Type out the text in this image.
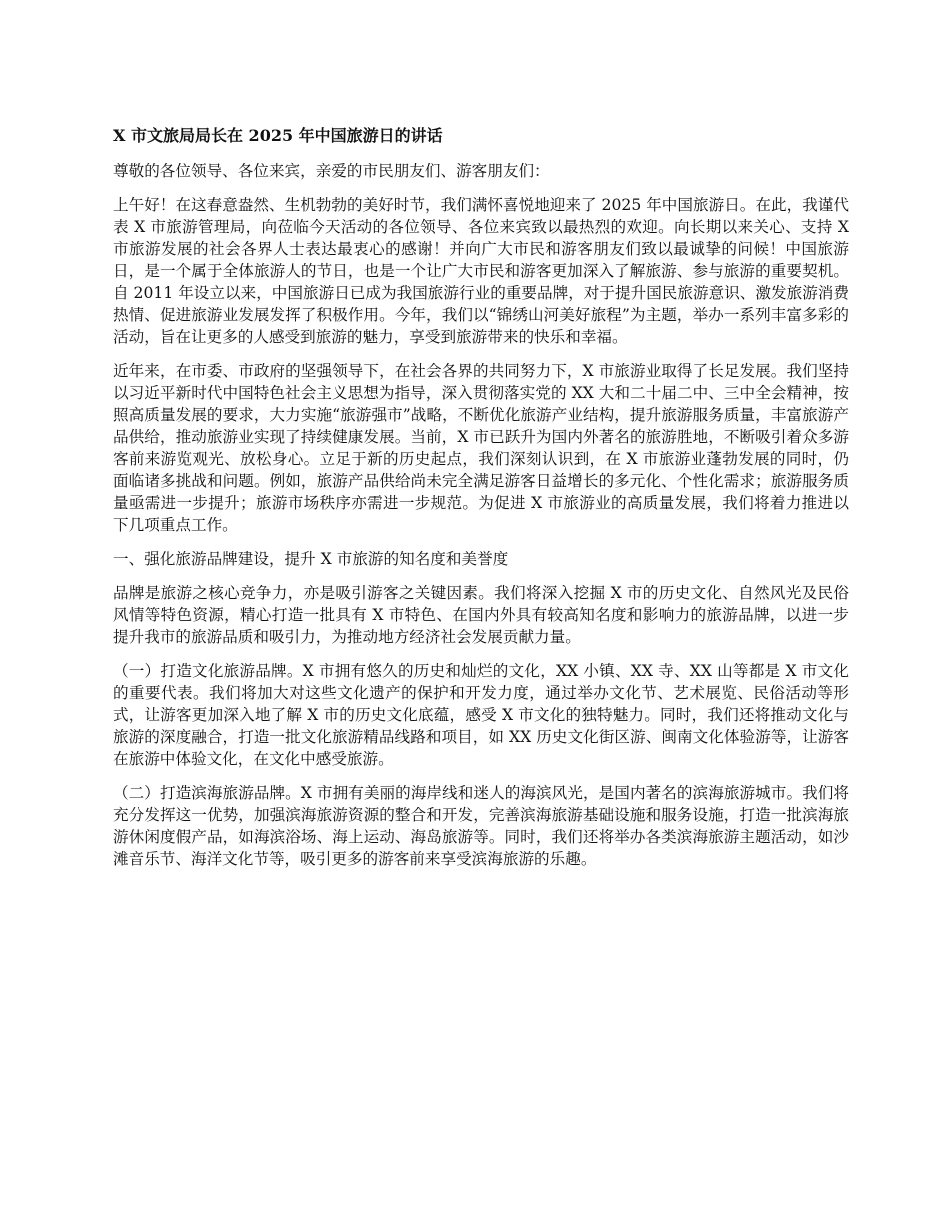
X 市文旅局局长在 2025 年中国旅游日的讲话
尊敬的各位领导、各位来宾，亲爱的市民朋友们、游客朋友们：
上午好！在这春意盎然、生机勃勃的美好时节，我们满怀喜悦地迎来了 2025 年中国旅游日。在此，我谨代表 X 市旅游管理局，向莅临今天活动的各位领导、各位来宾致以最热烈的欢迎。向长期以来关心、支持 X 市旅游发展的社会各界人士表达最衷心的感谢！并向广大市民和游客朋友们致以最诚挚的问候！中国旅游日，是一个属于全体旅游人的节日，也是一个让广大市民和游客更加深入了解旅游、参与旅游的重要契机。自 2011 年设立以来，中国旅游日已成为我国旅游行业的重要品牌，对于提升国民旅游意识、激发旅游消费热情、促进旅游业发展发挥了积极作用。今年，我们以“锦绣山河美好旅程”为主题，举办一系列丰富多彩的活动，旨在让更多的人感受到旅游的魅力，享受到旅游带来的快乐和幸福。
近年来，在市委、市政府的坚强领导下，在社会各界的共同努力下，X 市旅游业取得了长足发展。我们坚持以习近平新时代中国特色社会主义思想为指导，深入贯彻落实党的 XX 大和二十届二中、三中全会精神，按照高质量发展的要求，大力实施“旅游强市”战略，不断优化旅游产业结构，提升旅游服务质量，丰富旅游产品供给，推动旅游业实现了持续健康发展。当前，X 市已跃升为国内外著名的旅游胜地，不断吸引着众多游客前来游览观光、放松身心。立足于新的历史起点，我们深刻认识到，在 X 市旅游业蓬勃发展的同时，仍面临诸多挑战和问题。例如，旅游产品供给尚未完全满足游客日益增长的多元化、个性化需求；旅游服务质量亟需进一步提升；旅游市场秩序亦需进一步规范。为促进 X 市旅游业的高质量发展，我们将着力推进以下几项重点工作。
一、强化旅游品牌建设，提升 X 市旅游的知名度和美誉度
品牌是旅游之核心竞争力，亦是吸引游客之关键因素。我们将深入挖掘 X 市的历史文化、自然风光及民俗风情等特色资源，精心打造一批具有 X 市特色、在国内外具有较高知名度和影响力的旅游品牌，以进一步提升我市的旅游品质和吸引力，为推动地方经济社会发展贡献力量。
（一）打造文化旅游品牌。X 市拥有悠久的历史和灿烂的文化，XX 小镇、XX 寺、XX 山等都是 X 市文化的重要代表。我们将加大对这些文化遗产的保护和开发力度，通过举办文化节、艺术展览、民俗活动等形式，让游客更加深入地了解 X 市的历史文化底蕴，感受 X 市文化的独特魅力。同时，我们还将推动文化与旅游的深度融合，打造一批文化旅游精品线路和项目，如 XX 历史文化街区游、闽南文化体验游等，让游客在旅游中体验文化，在文化中感受旅游。
（二）打造滨海旅游品牌。X 市拥有美丽的海岸线和迷人的海滨风光，是国内著名的滨海旅游城市。我们将充分发挥这一优势，加强滨海旅游资源的整合和开发，完善滨海旅游基础设施和服务设施，打造一批滨海旅游休闲度假产品，如海滨浴场、海上运动、海岛旅游等。同时，我们还将举办各类滨海旅游主题活动，如沙滩音乐节、海洋文化节等，吸引更多的游客前来享受滨海旅游的乐趣。
